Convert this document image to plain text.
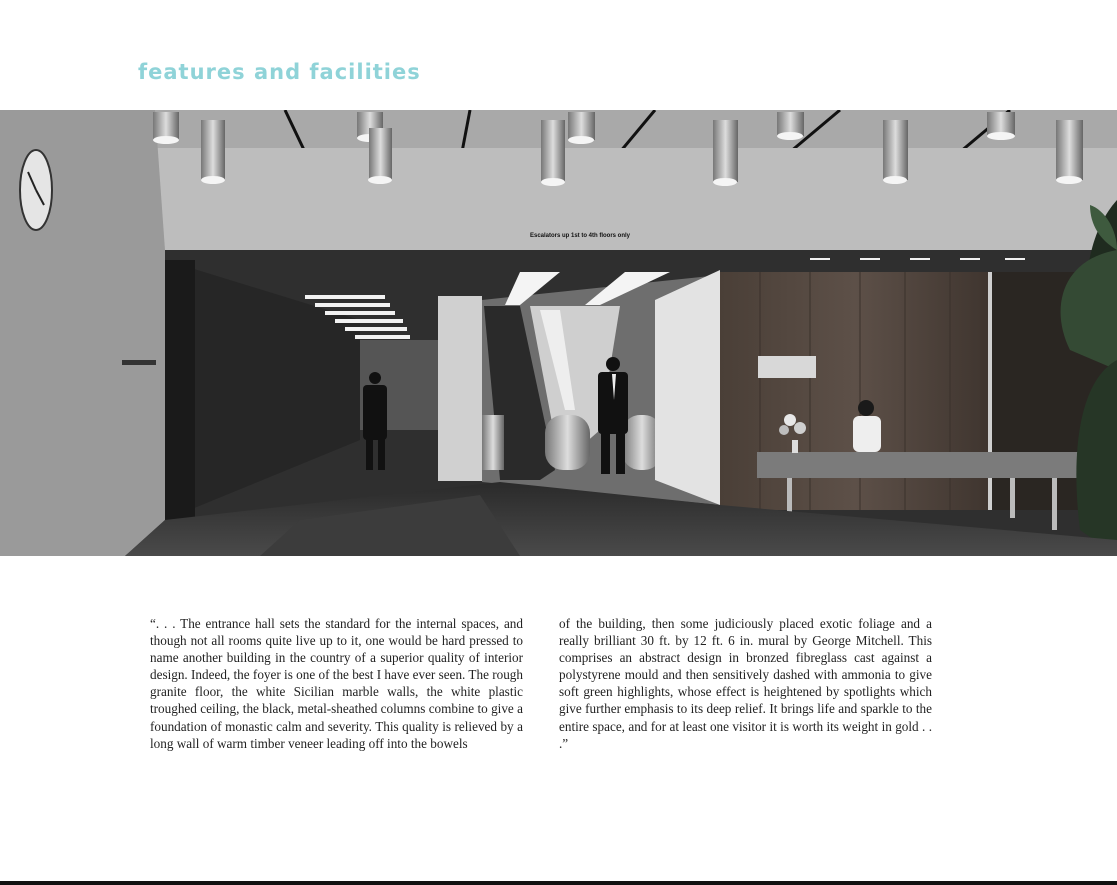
features and facilities
Escalators up 1st to 4th floors only

“. . . The entrance hall sets the standard for the internal spaces, and though not all rooms quite live up to it, one would be hard pressed to name another building in the country of a superior quality of interior design. Indeed, the foyer is one of the best I have ever seen. The rough granite floor, the white Sicilian marble walls, the white plastic troughed ceiling, the black, metal-sheathed columns combine to give a foundation of monastic calm and severity. This quality is relieved by a long wall of warm timber veneer leading off into the bowels

of the building, then some judiciously placed exotic foliage and a really brilliant 30 ft. by 12 ft. 6 in. mural by George Mitchell. This comprises an abstract design in bronzed fibreglass cast against a polystyrene mould and then sensitively dashed with ammonia to give soft green highlights, whose effect is heightened by spotlights which give further emphasis to its deep relief. It brings life and sparkle to the entire space, and for at least one visitor it is worth its weight in gold . . .”
